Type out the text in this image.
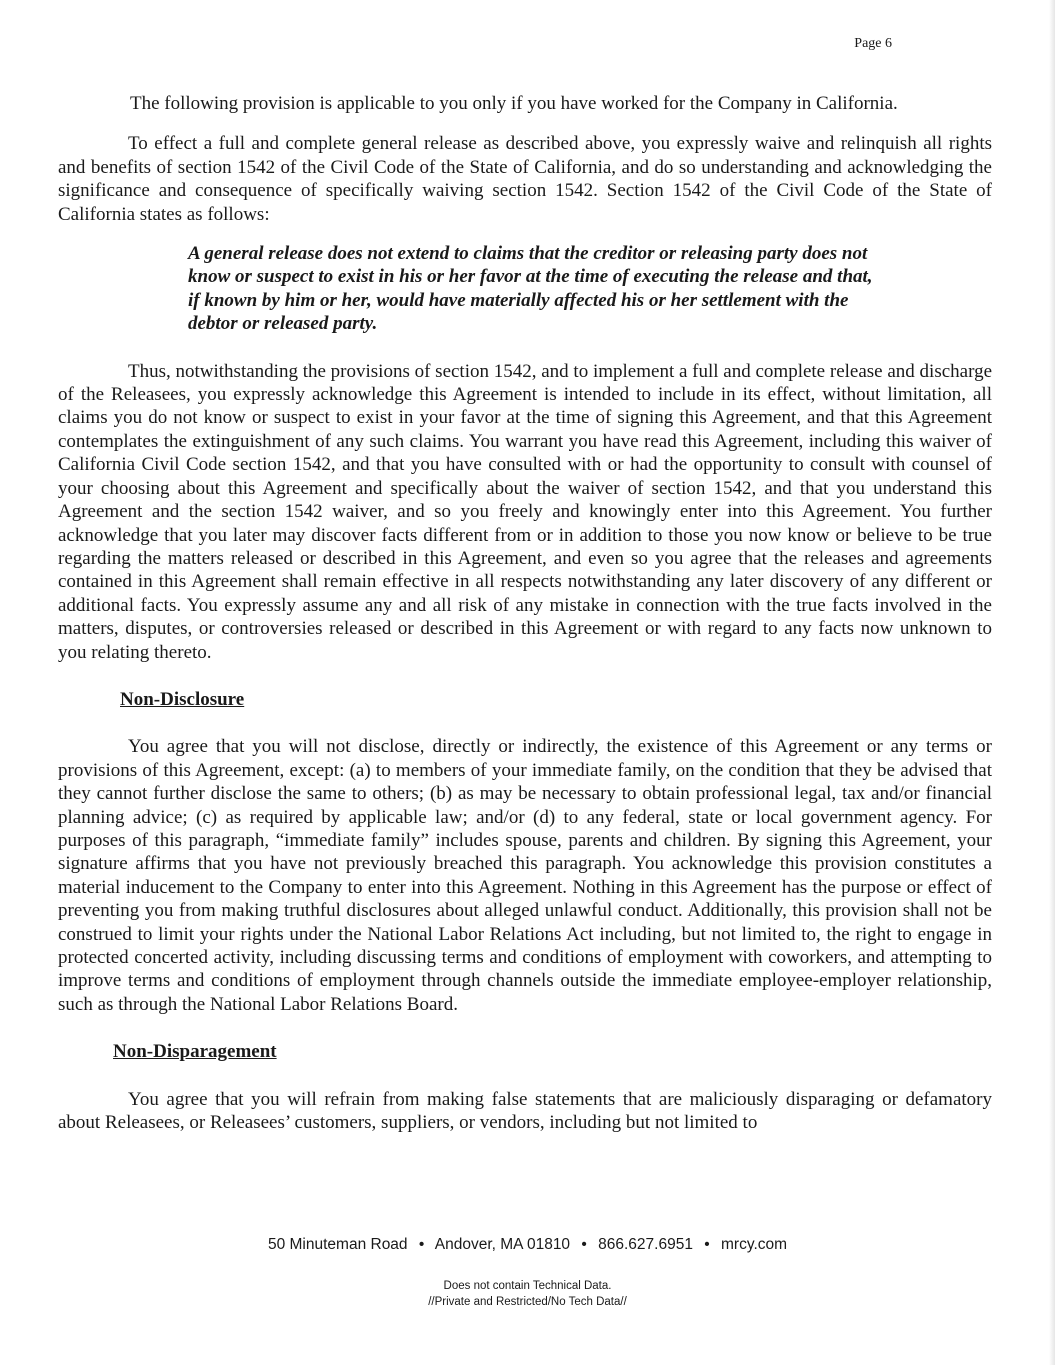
Page 6

The following provision is applicable to you only if you have worked for the Company in California.

To effect a full and complete general release as described above, you expressly waive and relinquish all rights and benefits of section 1542 of the Civil Code of the State of California, and do so understanding and acknowledging the significance and consequence of specifically waiving section 1542. Section 1542 of the Civil Code of the State of California states as follows:

A general release does not extend to claims that the creditor or releasing party does not know or suspect to exist in his or her favor at the time of executing the release and that, if known by him or her, would have materially affected his or her settlement with the debtor or released party.

Thus, notwithstanding the provisions of section 1542, and to implement a full and complete release and discharge of the Releasees, you expressly acknowledge this Agreement is intended to include in its effect, without limitation, all claims you do not know or suspect to exist in your favor at the time of signing this Agreement, and that this Agreement contemplates the extinguishment of any such claims. You warrant you have read this Agreement, including this waiver of California Civil Code section 1542, and that you have consulted with or had the opportunity to consult with counsel of your choosing about this Agreement and specifically about the waiver of section 1542, and that you understand this Agreement and the section 1542 waiver, and so you freely and knowingly enter into this Agreement. You further acknowledge that you later may discover facts different from or in addition to those you now know or believe to be true regarding the matters released or described in this Agreement, and even so you agree that the releases and agreements contained in this Agreement shall remain effective in all respects notwithstanding any later discovery of any different or additional facts. You expressly assume any and all risk of any mistake in connection with the true facts involved in the matters, disputes, or controversies released or described in this Agreement or with regard to any facts now unknown to you relating thereto.

Non-Disclosure

You agree that you will not disclose, directly or indirectly, the existence of this Agreement or any terms or provisions of this Agreement, except: (a) to members of your immediate family, on the condition that they be advised that they cannot further disclose the same to others; (b) as may be necessary to obtain professional legal, tax and/or financial planning advice; (c) as required by applicable law; and/or (d) to any federal, state or local government agency. For purposes of this paragraph, “immediate family” includes spouse, parents and children. By signing this Agreement, your signature affirms that you have not previously breached this paragraph. You acknowledge this provision constitutes a material inducement to the Company to enter into this Agreement. Nothing in this Agreement has the purpose or effect of preventing you from making truthful disclosures about alleged unlawful conduct. Additionally, this provision shall not be construed to limit your rights under the National Labor Relations Act including, but not limited to, the right to engage in protected concerted activity, including discussing terms and conditions of employment with coworkers, and attempting to improve terms and conditions of employment through channels outside the immediate employee-employer relationship, such as through the National Labor Relations Board.

Non-Disparagement

You agree that you will refrain from making false statements that are maliciously disparaging or defamatory about Releasees, or Releasees’ customers, suppliers, or vendors, including but not limited to

50 Minuteman Road • Andover, MA 01810 • 866.627.6951 • mrcy.com
Does not contain Technical Data.
//Private and Restricted/No Tech Data//
